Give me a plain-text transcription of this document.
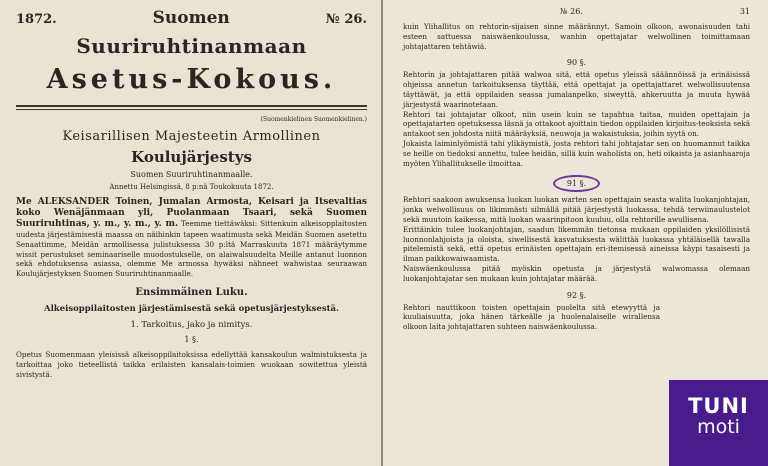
1872.	Suomen	№ 26.
Suuriruhtinanmaan
Asetus-Kokous.
(Suomenkielinen Suomenkielinen.)
Keisarillisen Majesteetin Armollinen
Koulujärjestys
Suomen Suuriruhtinanmaalle.
Annettu Helsingissä, 8 p:nä Toukokuuta 1872.
Me ALEKSANDER Toinen, Jumalan Armosta, Keisari ja Itsevaltias koko Wenäjänmaan yli, Puolanmaan Tsaari, sekä Suomen Suuriruhtinas, y. m., y. m., y. m. Teemme tiettäwäksi: Sittenkuin alkeisopplaitosten uudesta järjestämisestä maassa on näihinkin tapeen waatimusta sekä Meidän Suomen asetettu Senaattimme, Meidän armollisessa julistuksessa 30 p:ltä Marraskuuta 1871 määräytymme wissit perustukset seminaariselle muodostukselle, on alaiwalsuudelta Meille antanut luonnon sekä ehdotuksensa asiassa, olemme Me armossa hywäksi nähneet wahwistaa seuraawan Koulujärjestyksen Suomen Suuriruhtinanmaalle.
Ensimmäinen Luku.
Alkeisoppilaitosten järjestämisestä sekä opetusjärjestyksestä.
1. Tarkoitus, jako ja nimitys.
1 §.
Opetus Suomenmaan yleisissä alkeisoppilaitoksissa edellyttää kansakoulun walmistuksesta ja tarkoittaa joko tieteellistä taikka erilaisten kansalais-toimien wuokaan sowitettua yleistä sivistystä.
№ 26.	31
kuin Ylihallitus on rehtorin-sijaisen sinne määrännyt. Samoin olkoon, awonaisuuden tahi esteen sattuessa naiswäenkoulussa, wanhin opettajatar welwollinen toimittamaan johtajattaren tehtäwiä.
90 §.
Rehtorin ja johtajattaren pitää walwoa sitä, että opetus yleissä sääännöissä ja erinäisissä ohjeissa annetun tarkoituksensa täyttää, että opettajat ja opettajattaret welwollisuutensa täyttäwät, ja että oppilaiden seassa jumalanpelko, siweyttä, ahkeruutta ja muuta hywää järjestystä waarinotetaan.
Rehtori tai johtajatar olkoot, niin usein kuin se tapahtua taitaa, muiden opettajain ja opettajatarten opetuksessa läsnä ja ottakoot ajoittain tiedon oppilaiden kirjoitus-teoksista sekä antakoot sen johdosta niitä määräyksiä, neuwoja ja wakaistuksia, joihin syytä on.
Jokaista laiminlyömistä tahi ylikäymistä, josta rehtori tahi johtajatar sen on huomannut taikka se heille on tiedoksi annettu, tulee heidän, sillä kuin waholista on, heti oikaista ja asianhaaroja myöten Ylihallitukselle ilmoittaa.
91 §.
Rehtori saakoon awuksensa luokan luokan warten sen opettajain seasta walita luokanjohtajan, jonka welwollisuus on likimmästi silmällä pitää järjestystä luokassa, tehdä terwiinaulustelot sekä muutoin kaikessa, mitä luokan waarinpitoon kuuluu, olla rehtorille awullisena.
Erittäinkin tulee luokanjohtajan, saadun likemmän tietonsa mukaan oppilaiden yksilöllisistä luonnonlahjoista ja oloista, siwellisestä kasvatuksesta wälittää luokassa yhtäläisellä tawalla pitelemistä sekä, että opetus erinäisten opettajain eri-itemisessä aineissa käypi tasaisesti ja ilman paikkowaiwaamista.
Naiswäenkoulussa pitää myöskin opetusta ja järjestystä walwomassa olemaan luokanjohtajatar sen mukaan kuin johtajatar määrää.
92 §.
Rehtori nauttikoon toisten opettajain puolelta sitä etewyyttä ja kuuliaisuutta, joka hänen tärkeälle ja huolenalaiselle wirallensa olkoon laita johtajattaren suhteen naiswäenkoulussa.
TUNI
moti
